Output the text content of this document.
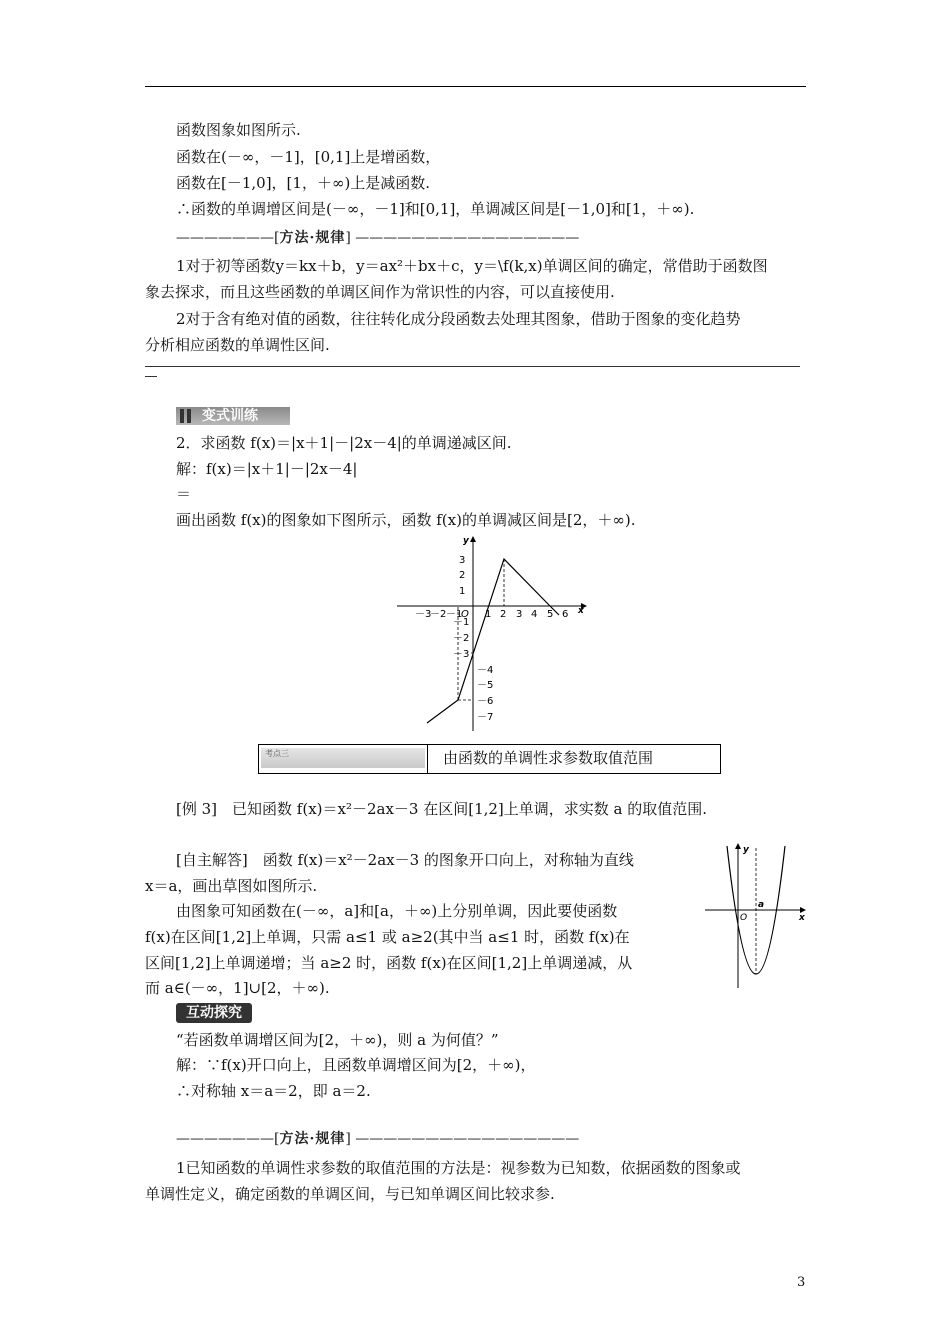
函数图象如图所示.
函数在(－∞，－1]，[0,1]上是增函数，
函数在[－1,0]，[1，＋∞)上是减函数.
∴函数的单调增区间是(－∞，－1]和[0,1]，单调减区间是[－1,0]和[1，＋∞).
———————[方法·规律] ————————————————
1对于初等函数y＝kx＋b，y＝ax²＋bx＋c，y＝\f(k,x)单调区间的确定，常借助于函数图
象去探求，而且这些函数的单调区间作为常识性的内容，可以直接使用.
2对于含有绝对值的函数，往往转化成分段函数去处理其图象，借助于图象的变化趋势
分析相应函数的单调性区间.
变式训练
2．求函数 f(x)＝|x＋1|－|2x－4|的单调递减区间.
解：f(x)＝|x＋1|－|2x－4|
＝
画出函数 f(x)的图象如下图所示，函数 f(x)的单调减区间是[2，＋∞).
x
y
－3
－2 －1
O 1 2 3 4 5 6
3
2
1
－1
－2
－3
－4
－5
－6
－7
考点三	由函数的单调性求参数取值范围
[例 3]　已知函数 f(x)＝x²－2ax－3 在区间[1,2]上单调，求实数 a 的取值范围.
[自主解答]　函数 f(x)＝x²－2ax－3 的图象开口向上，对称轴为直线
x＝a，画出草图如图所示.
由图象可知函数在(－∞，a]和[a，＋∞)上分别单调，因此要使函数
f(x)在区间[1,2]上单调，只需 a≤1 或 a≥2(其中当 a≤1 时，函数 f(x)在
区间[1,2]上单调递增；当 a≥2 时，函数 f(x)在区间[1,2]上单调递减，从
而 a∈(－∞，1]∪[2，＋∞).
y
x
O
a
互动探究
“若函数单调增区间为[2，＋∞)，则 a 为何值？”
解：∵f(x)开口向上，且函数单调增区间为[2，＋∞)，
∴对称轴 x＝a＝2，即 a＝2.
———————[方法·规律] ————————————————
1已知函数的单调性求参数的取值范围的方法是：视参数为已知数，依据函数的图象或
单调性定义，确定函数的单调区间，与已知单调区间比较求参.
3
